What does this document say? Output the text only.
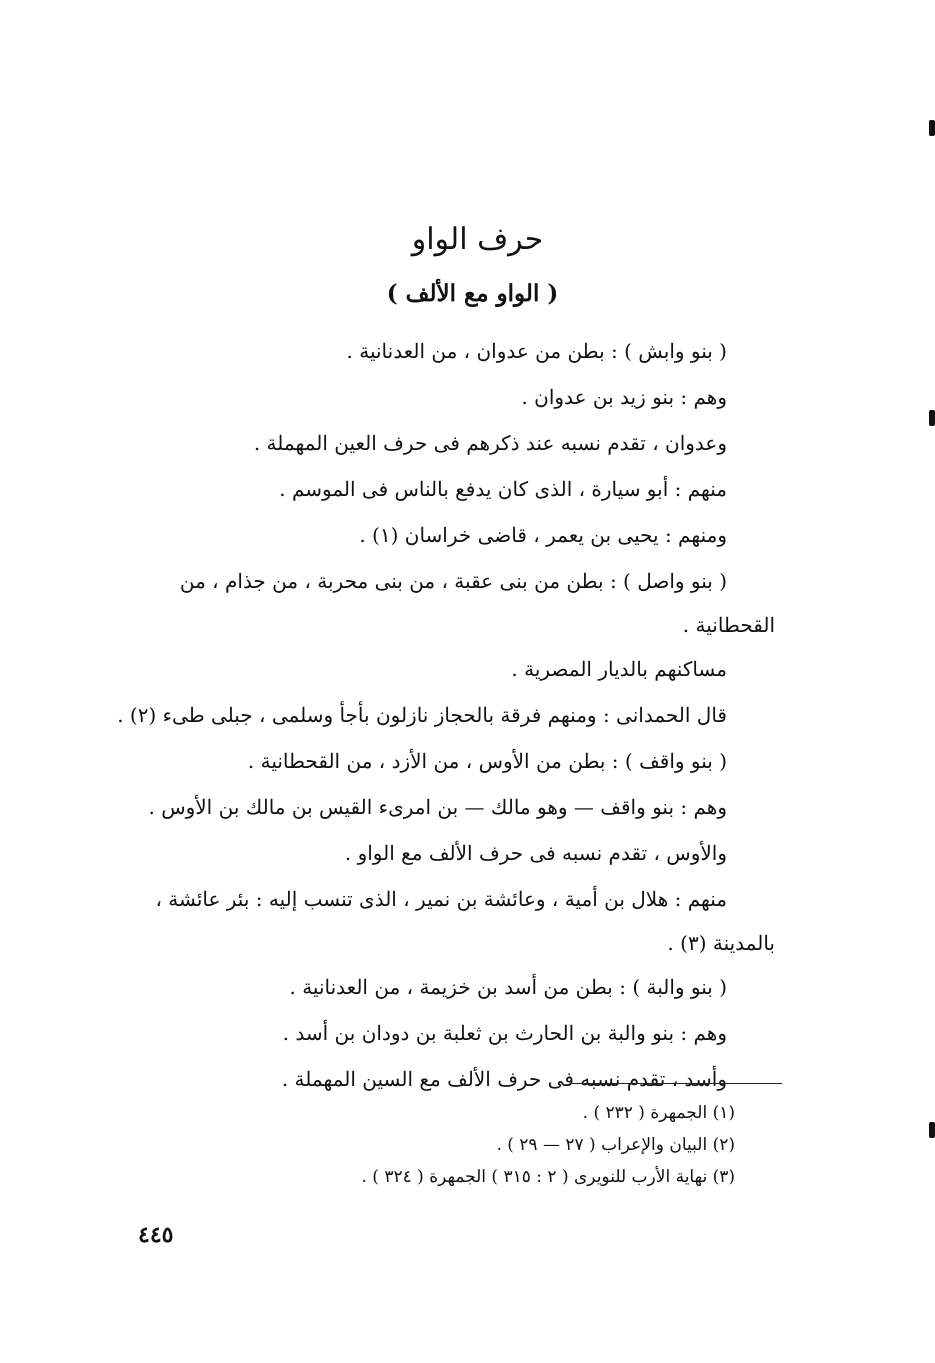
حرف الواو
( الواو مع الألف )
( بنو وابش ) : بطن من عدوان ، من العدنانية .
وهم : بنو زيد بن عدوان .
وعدوان ، تقدم نسبه عند ذكرهم فى حرف العين المهملة .
منهم : أبو سيارة ، الذى كان يدفع بالناس فى الموسم .
ومنهم : يحيى بن يعمر ، قاضى خراسان (١) .
( بنو واصل ) : بطن من بنى عقبة ، من بنى محربة ، من جذام ، من
القحطانية .
مساكنهم بالديار المصرية .
قال الحمدانى : ومنهم فرقة بالحجاز نازلون بأجأ وسلمى ، جبلى طىء (٢) .
( بنو واقف ) : بطن من الأوس ، من الأزد ، من القحطانية .
وهم : بنو واقف — وهو مالك — بن امرىء القيس بن مالك بن الأوس .
والأوس ، تقدم نسبه فى حرف الألف مع الواو .
منهم : هلال بن أمية ، وعائشة بن نمير ، الذى تنسب إليه : بئر عائشة ،
بالمدينة (٣) .
( بنو والبة ) : بطن من أسد بن خزيمة ، من العدنانية .
وهم : بنو والبة بن الحارث بن ثعلبة بن دودان بن أسد .
وأسد ، تقدم نسبه فى حرف الألف مع السين المهملة .
(١) الجمهرة ( ٢٣٢ ) .
(٢) البيان والإعراب ( ٢٧ — ٢٩ ) .
(٣) نهاية الأرب للنويرى ( ٢ : ٣١٥ ) الجمهرة ( ٣٢٤ ) .
٤٤٥
